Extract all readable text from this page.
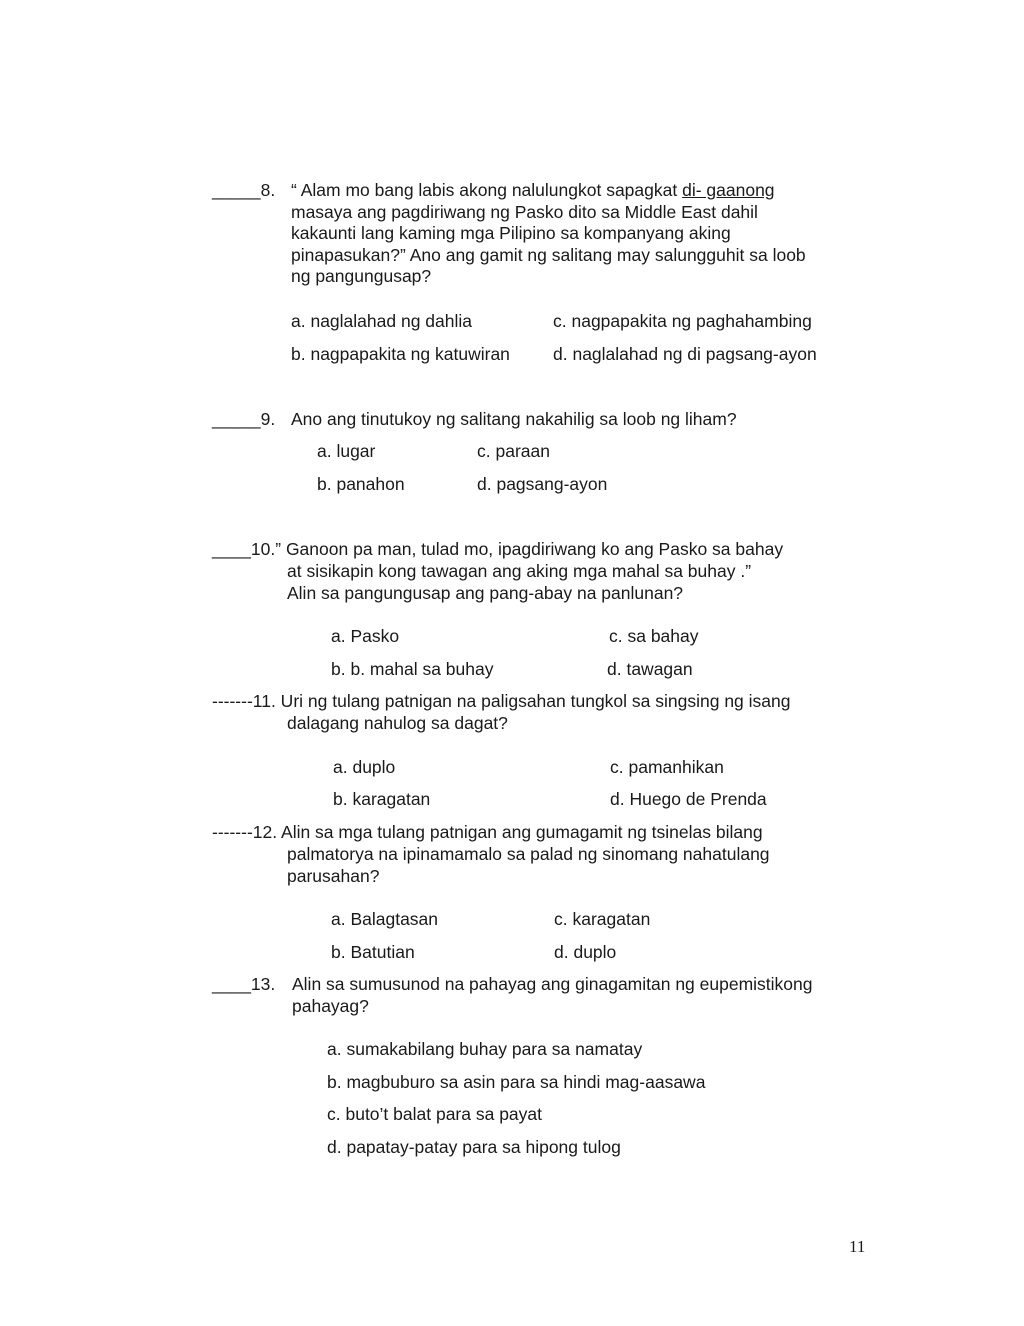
_____8. “ Alam mo bang labis akong nalulungkot sapagkat di- gaanong
masaya ang pagdiriwang ng Pasko dito sa Middle East dahil
kakaunti lang kaming mga Pilipino sa kompanyang aking
pinapasukan?” Ano ang gamit ng salitang may salungguhit sa loob
ng pangungusap?
a. naglalahad ng dahlia	c. nagpapakita ng paghahambing
b. nagpapakita ng katuwiran d. naglalahad ng di pagsang-ayon
_____9. Ano ang tinutukoy ng salitang nakahilig sa loob ng liham?
a. lugar	c. paraan
b. panahon	d. pagsang-ayon
____10.” Ganoon pa man, tulad mo, ipagdiriwang ko ang Pasko sa bahay
at sisikapin kong tawagan ang aking mga mahal sa buhay .”
Alin sa pangungusap ang pang-abay na panlunan?
a. Pasko	c. sa bahay
b. b. mahal sa buhay	d. tawagan
-------11. Uri ng tulang patnigan na paligsahan tungkol sa singsing ng isang
dalagang nahulog sa dagat?
a. duplo	c. pamanhikan
b. karagatan	d. Huego de Prenda
-------12. Alin sa mga tulang patnigan ang gumagamit ng tsinelas bilang
palmatorya na ipinamamalo sa palad ng sinomang nahatulang
parusahan?
a. Balagtasan	c. karagatan
b. Batutian	d. duplo
____13. Alin sa sumusunod na pahayag ang ginagamitan ng eupemistikong
pahayag?
a. sumakabilang buhay para sa namatay
b. magbuburo sa asin para sa hindi mag-aasawa
c. buto’t balat para sa payat
d. papatay-patay para sa hipong tulog
11
